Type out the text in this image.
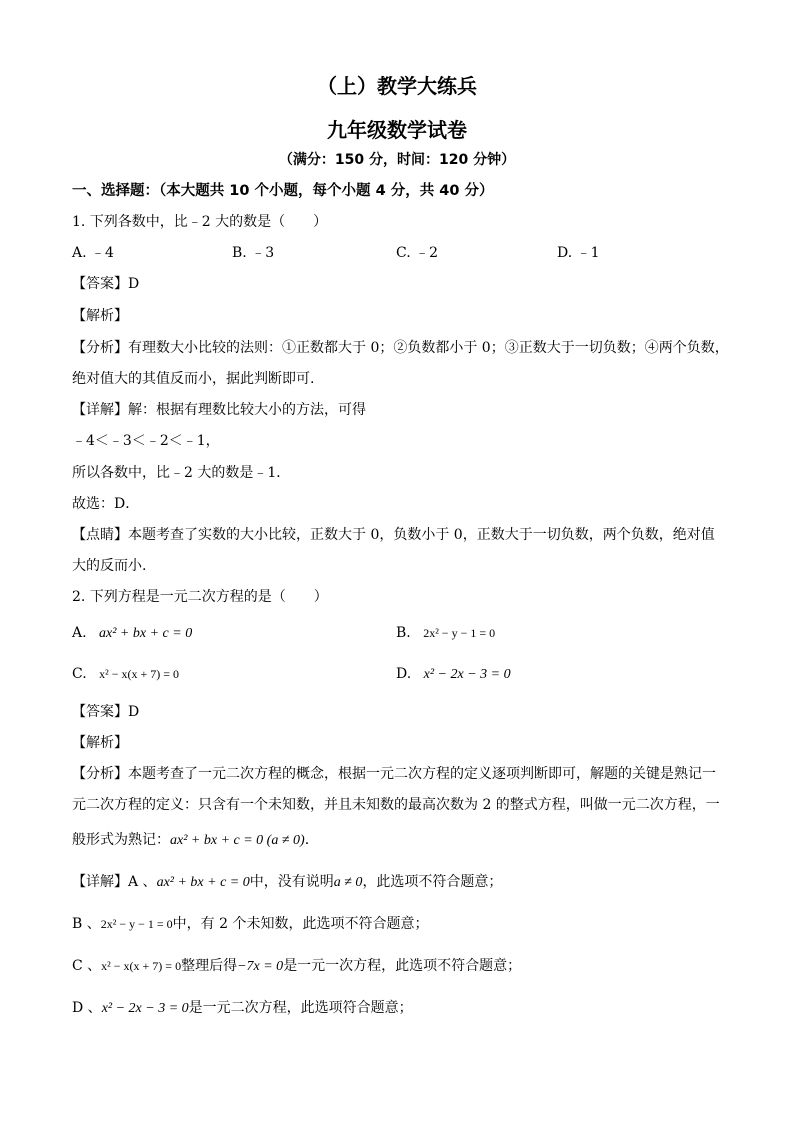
（上）教学大练兵
九年级数学试卷
（满分：150 分，时间：120 分钟）
一、选择题：（本大题共 10 个小题，每个小题 4 分，共 40 分）
1. 下列各数中，比﹣2 大的数是（　　）
A. ﹣4	B. ﹣3	C. ﹣2	D. ﹣1
【答案】D
【解析】
【分析】有理数大小比较的法则：①正数都大于 0；②负数都小于 0；③正数大于一切负数；④两个负数，
绝对值大的其值反而小，据此判断即可.
【详解】解：根据有理数比较大小的方法，可得
﹣4＜﹣3＜﹣2＜﹣1，
所以各数中，比﹣2 大的数是﹣1．
故选：D．
【点睛】本题考查了实数的大小比较，正数大于 0，负数小于 0，正数大于一切负数，两个负数，绝对值
大的反而小.
2. 下列方程是一元二次方程的是（　　）
A. ax² + bx + c = 0	B. 2x² − y − 1 = 0
C. x² − x(x + 7) = 0	D. x² − 2x − 3 = 0
【答案】D
【解析】
【分析】本题考查了一元二次方程的概念，根据一元二次方程的定义逐项判断即可，解题的关键是熟记一
元二次方程的定义：只含有一个未知数，并且未知数的最高次数为 2 的整式方程，叫做一元二次方程，一
般形式为熟记：ax² + bx + c = 0 (a ≠ 0).
【详解】A 、ax² + bx + c = 0中，没有说明a ≠ 0，此选项不符合题意；
B 、2x² − y − 1 = 0中，有 2 个未知数，此选项不符合题意；
C 、x² − x(x + 7) = 0整理后得−7x = 0是一元一次方程，此选项不符合题意；
D 、x² − 2x − 3 = 0是一元二次方程，此选项符合题意；
